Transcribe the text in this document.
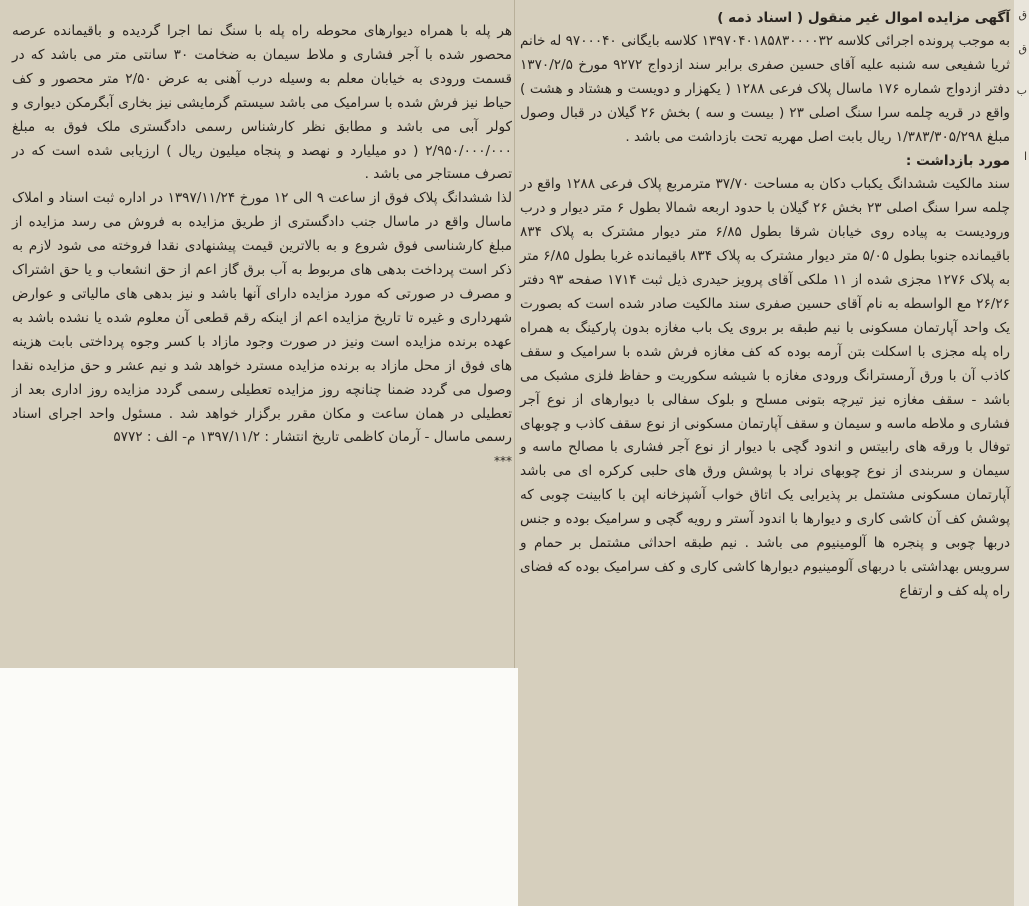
آگهی مزایده اموال غیر منقول ( اسناد ذمه )

به موجب پرونده اجرائی کلاسه ۱۳۹۷۰۴۰۱۸۵۸۳۰۰۰۰۳۲ کلاسه بایگانی ۹۷۰۰۰۴۰ له خانم ثریا شفیعی سه شنبه علیه آقای حسین صفری برابر سند ازدواج ۹۲۷۲ مورخ ۱۳۷۰/۲/۵ دفتر ازدواج شماره ۱۷۶ ماسال پلاک فرعی ۱۲۸۸ ( یکهزار و دویست و هشتاد و هشت ) واقع در قریه چلمه سرا سنگ اصلی ۲۳ ( بیست و سه ) بخش ۲۶ گیلان در قبال وصول مبلغ ۱/۳۸۳/۳۰۵/۲۹۸ ریال بابت اصل مهریه تحت بازداشت می باشد .

مورد بازداشت :

سند مالکیت ششدانگ یکباب دکان به مساحت ۳۷/۷۰ مترمربع پلاک فرعی ۱۲۸۸ واقع در چلمه سرا سنگ اصلی ۲۳ بخش ۲۶ گیلان با حدود اربعه شمالا بطول ۶ متر دیوار و درب ورودیست به پیاده روی خیابان شرقا بطول ۶/۸۵ متر دیوار مشترک به پلاک ۸۳۴ باقیمانده جنوبا بطول ۵/۰۵ متر دیوار مشترک به پلاک ۸۳۴ باقیمانده غربا بطول ۶/۸۵ متر به پلاک ۱۲۷۶ مجزی شده از ۱۱ ملکی آقای پرویز حیدری ذیل ثبت ۱۷۱۴ صفحه ۹۳ دفتر ۲۶/۲۶ مع الواسطه به نام آقای حسین صفری سند مالکیت صادر شده است که بصورت یک واحد آپارتمان مسکونی با نیم طبقه بر بروی یک باب مغازه بدون پارکینگ به همراه راه پله مجزی با اسکلت بتن آرمه بوده که کف مغازه فرش شده با سرامیک و سقف کاذب آن با ورق آرمسترانگ ورودی مغازه با شیشه سکوریت و حفاظ فلزی مشبک می باشد - سقف مغازه نیز تیرچه بتونی مسلح و بلوک سفالی با دیوارهای از نوع آجر فشاری و ملاطه ماسه و سیمان و سقف آپارتمان مسکونی از نوع سقف کاذب و چوبهای توفال با ورقه های رابیتس و اندود گچی با دیوار از نوع آجر فشاری با مصالح ماسه و سیمان و سربندی از نوع چوبهای نراد با پوشش ورق های حلبی کرکره ای می باشد آپارتمان مسکونی مشتمل بر پذیرایی یک اتاق خواب آشپزخانه اپن با کابینت چوبی که پوشش کف آن کاشی کاری و دیوارها با اندود آستر و رویه گچی و سرامیک بوده و جنس دربها چوبی و پنجره ها آلومینیوم می باشد . نیم طبقه احداثی مشتمل بر حمام و سرویس بهداشتی با دربهای آلومینیوم دیوارها کاشی کاری و کف سرامیک بوده که فضای راه پله کف و ارتفاع

هر پله با همراه دیوارهای محوطه راه پله با سنگ نما اجرا گردیده و باقیمانده عرصه محصور شده با آجر فشاری و ملاط سیمان به ضخامت ۳۰ سانتی متر می باشد که در قسمت ورودی به خیابان معلم به وسیله درب آهنی به عرض ۲/۵۰ متر محصور و کف حیاط نیز فرش شده با سرامیک می باشد سیستم گرمایشی نیز بخاری آبگرمکن دیواری و کولر آبی می باشد و مطابق نظر کارشناس رسمی دادگستری ملک فوق به مبلغ ۲/۹۵۰/۰۰۰/۰۰۰ ( دو میلیارد و نهصد و پنجاه میلیون ریال ) ارزیابی شده است که در تصرف مستاجر می باشد .

لذا ششدانگ پلاک فوق از ساعت ۹ الی ۱۲ مورخ ۱۳۹۷/۱۱/۲۴ در اداره ثبت اسناد و املاک ماسال واقع در ماسال جنب دادگستری از طریق مزایده به فروش می رسد مزایده از مبلغ کارشناسی فوق شروع و به بالاترین قیمت پیشنهادی نقدا فروخته می شود لازم به ذکر است پرداخت بدهی های مربوط به آب برق گاز اعم از حق انشعاب و یا حق اشتراک و مصرف در صورتی که مورد مزایده دارای آنها باشد و نیز بدهی های مالیاتی و عوارض شهرداری و غیره تا تاریخ مزایده اعم از اینکه رقم قطعی آن معلوم شده یا نشده باشد به عهده برنده مزایده است ونیز در صورت وجود مازاد با کسر وجوه پرداختی بابت هزینه های فوق از محل مازاد به برنده مزایده مسترد خواهد شد و نیم عشر و حق مزایده نقدا وصول می گردد ضمنا چنانچه روز مزایده تعطیلی رسمی گردد مزایده روز اداری بعد از تعطیلی در همان ساعت و مکان مقرر برگزار خواهد شد . مسئول واحد اجرای اسناد رسمی ماسال - آرمان کاظمی تاریخ انتشار : ۱۳۹۷/۱۱/۲ م- الف : ۵۷۷۲

***

ق
ق
ب
ا
